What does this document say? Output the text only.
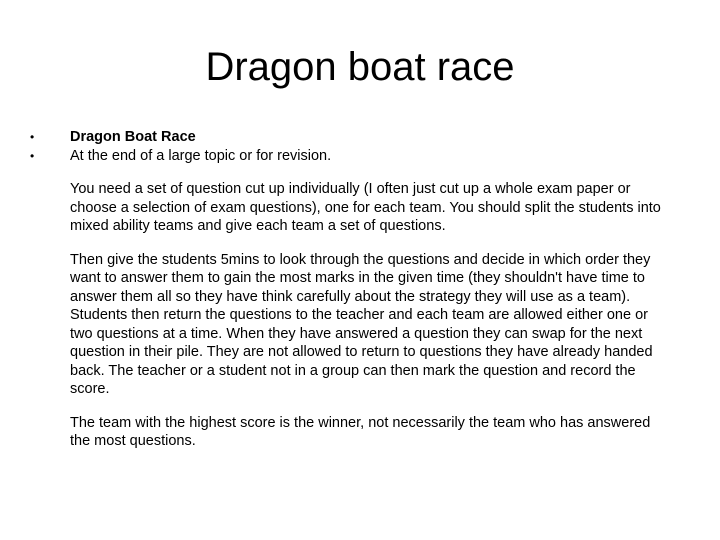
Dragon boat race
•	Dragon Boat Race
•	At the end of a large topic or for revision.

You need a set of question cut up individually (I often just cut up a whole exam paper or choose a selection of exam questions), one for each team. You should split the students into mixed ability teams and give each team a set of questions.

Then give the students 5mins to look through the questions and decide in which order they want to answer them to gain the most marks in the given time (they shouldn't have time to answer them all so they have think carefully about the strategy they will use as a team). Students then return the questions to the teacher and each team are allowed either one or two questions at a time. When they have answered a question they can swap for the next question in their pile. They are not allowed to return to questions they have already handed back. The teacher or a student not in a group can then mark the question and record the score.

The team with the highest score is the winner, not necessarily the team who has answered the most questions.
